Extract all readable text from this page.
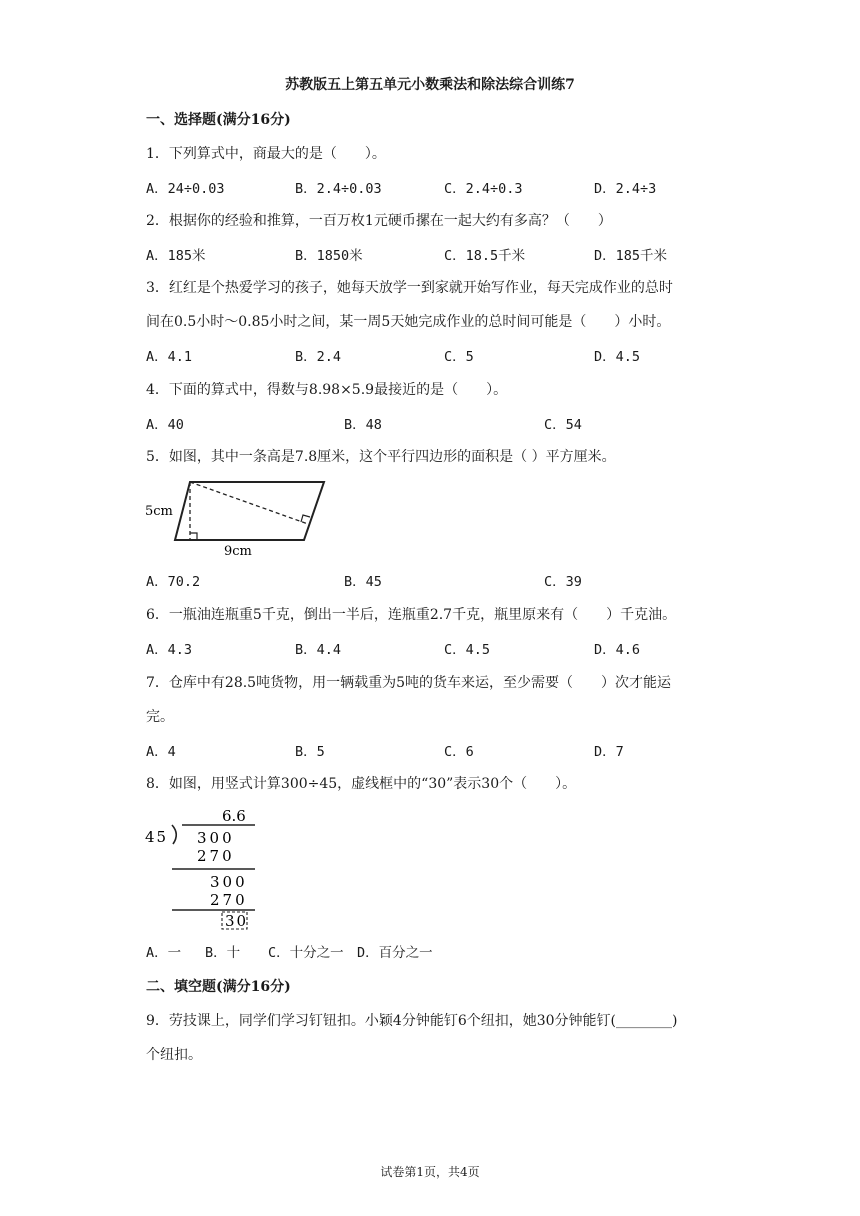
苏教版五上第五单元小数乘法和除法综合训练7
一、选择题(满分16分)
1．下列算式中，商最大的是（　　）。
A．24÷0.03	B．2.4÷0.03	C．2.4÷0.3	D．2.4÷3
2．根据你的经验和推算，一百万枚1元硬币摞在一起大约有多高？（　　）
A．185米	B．1850米	C．18.5千米	D．185千米
3．红红是个热爱学习的孩子，她每天放学一到家就开始写作业，每天完成作业的总时
间在0.5小时～0.85小时之间，某一周5天她完成作业的总时间可能是（　　）小时。
A．4.1	B．2.4	C．5	D．4.5
4．下面的算式中，得数与8.98×5.9最接近的是（　　）。
A．40	B．48	C．54
5．如图，其中一条高是7.8厘米，这个平行四边形的面积是（ ）平方厘米。
5cm
9cm
A．70.2	B．45	C．39
6．一瓶油连瓶重5千克，倒出一半后，连瓶重2.7千克，瓶里原来有（　　）千克油。
A．4.3	B．4.4	C．4.5	D．4.6
7．仓库中有28.5吨货物，用一辆载重为5吨的货车来运，至少需要（　　）次才能运
完。
A．4	B．5	C．6	D．7
8．如图，用竖式计算300÷45，虚线框中的“30”表示30个（　　）。
6.6
45 300
270
300
270
30
A．一 B．十 C．十分之一 D．百分之一
二、填空题(满分16分)
9．劳技课上，同学们学习钉钮扣。小颖4分钟能钉6个纽扣，她30分钟能钉(________)
个纽扣。
试卷第1页，共4页
